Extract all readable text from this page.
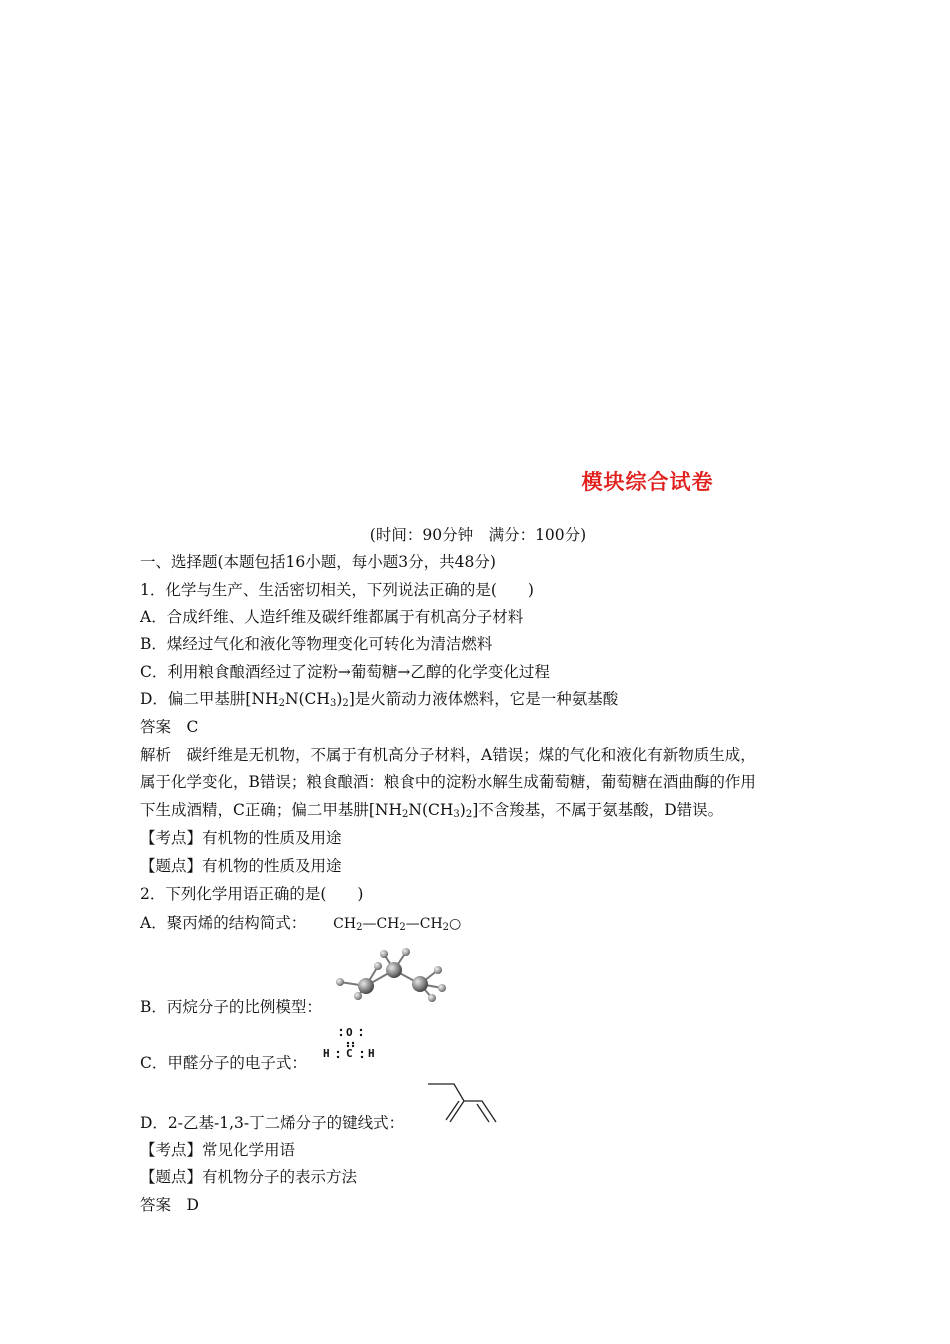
模块综合试卷
(时间：90分钟　满分：100分)
一、选择题(本题包括16小题，每小题3分，共48分)
1．化学与生产、生活密切相关，下列说法正确的是(　　)
A．合成纤维、人造纤维及碳纤维都属于有机高分子材料
B．煤经过气化和液化等物理变化可转化为清洁燃料
C．利用粮食酿酒经过了淀粉→葡萄糖→乙醇的化学变化过程
D．偏二甲基肼$[NH_2N(CH_3)_2]$是火箭动力液体燃料，它是一种氨基酸
答案　C
解析　碳纤维是无机物，不属于有机高分子材料，A错误；煤的气化和液化有新物质生成，
属于化学变化，B错误；粮食酿酒：粮食中的淀粉水解生成葡萄糖，葡萄糖在酒曲酶的作用
下生成酒精，C正确；偏二甲基肼$[NH_2N(CH_3)_2]$不含羧基，不属于氨基酸，D错误。
【考点】有机物的性质及用途
【题点】有机物的性质及用途
2．下列化学用语正确的是(　　)
A．聚丙烯的结构简式： $CH_2—CH_2—CH_2○$
B．丙烷分子的比例模型：
O
H C H
C．甲醛分子的电子式：
D．2-乙基-1,3-丁二烯分子的键线式：
【考点】常见化学用语
【题点】有机物分子的表示方法
答案　D
